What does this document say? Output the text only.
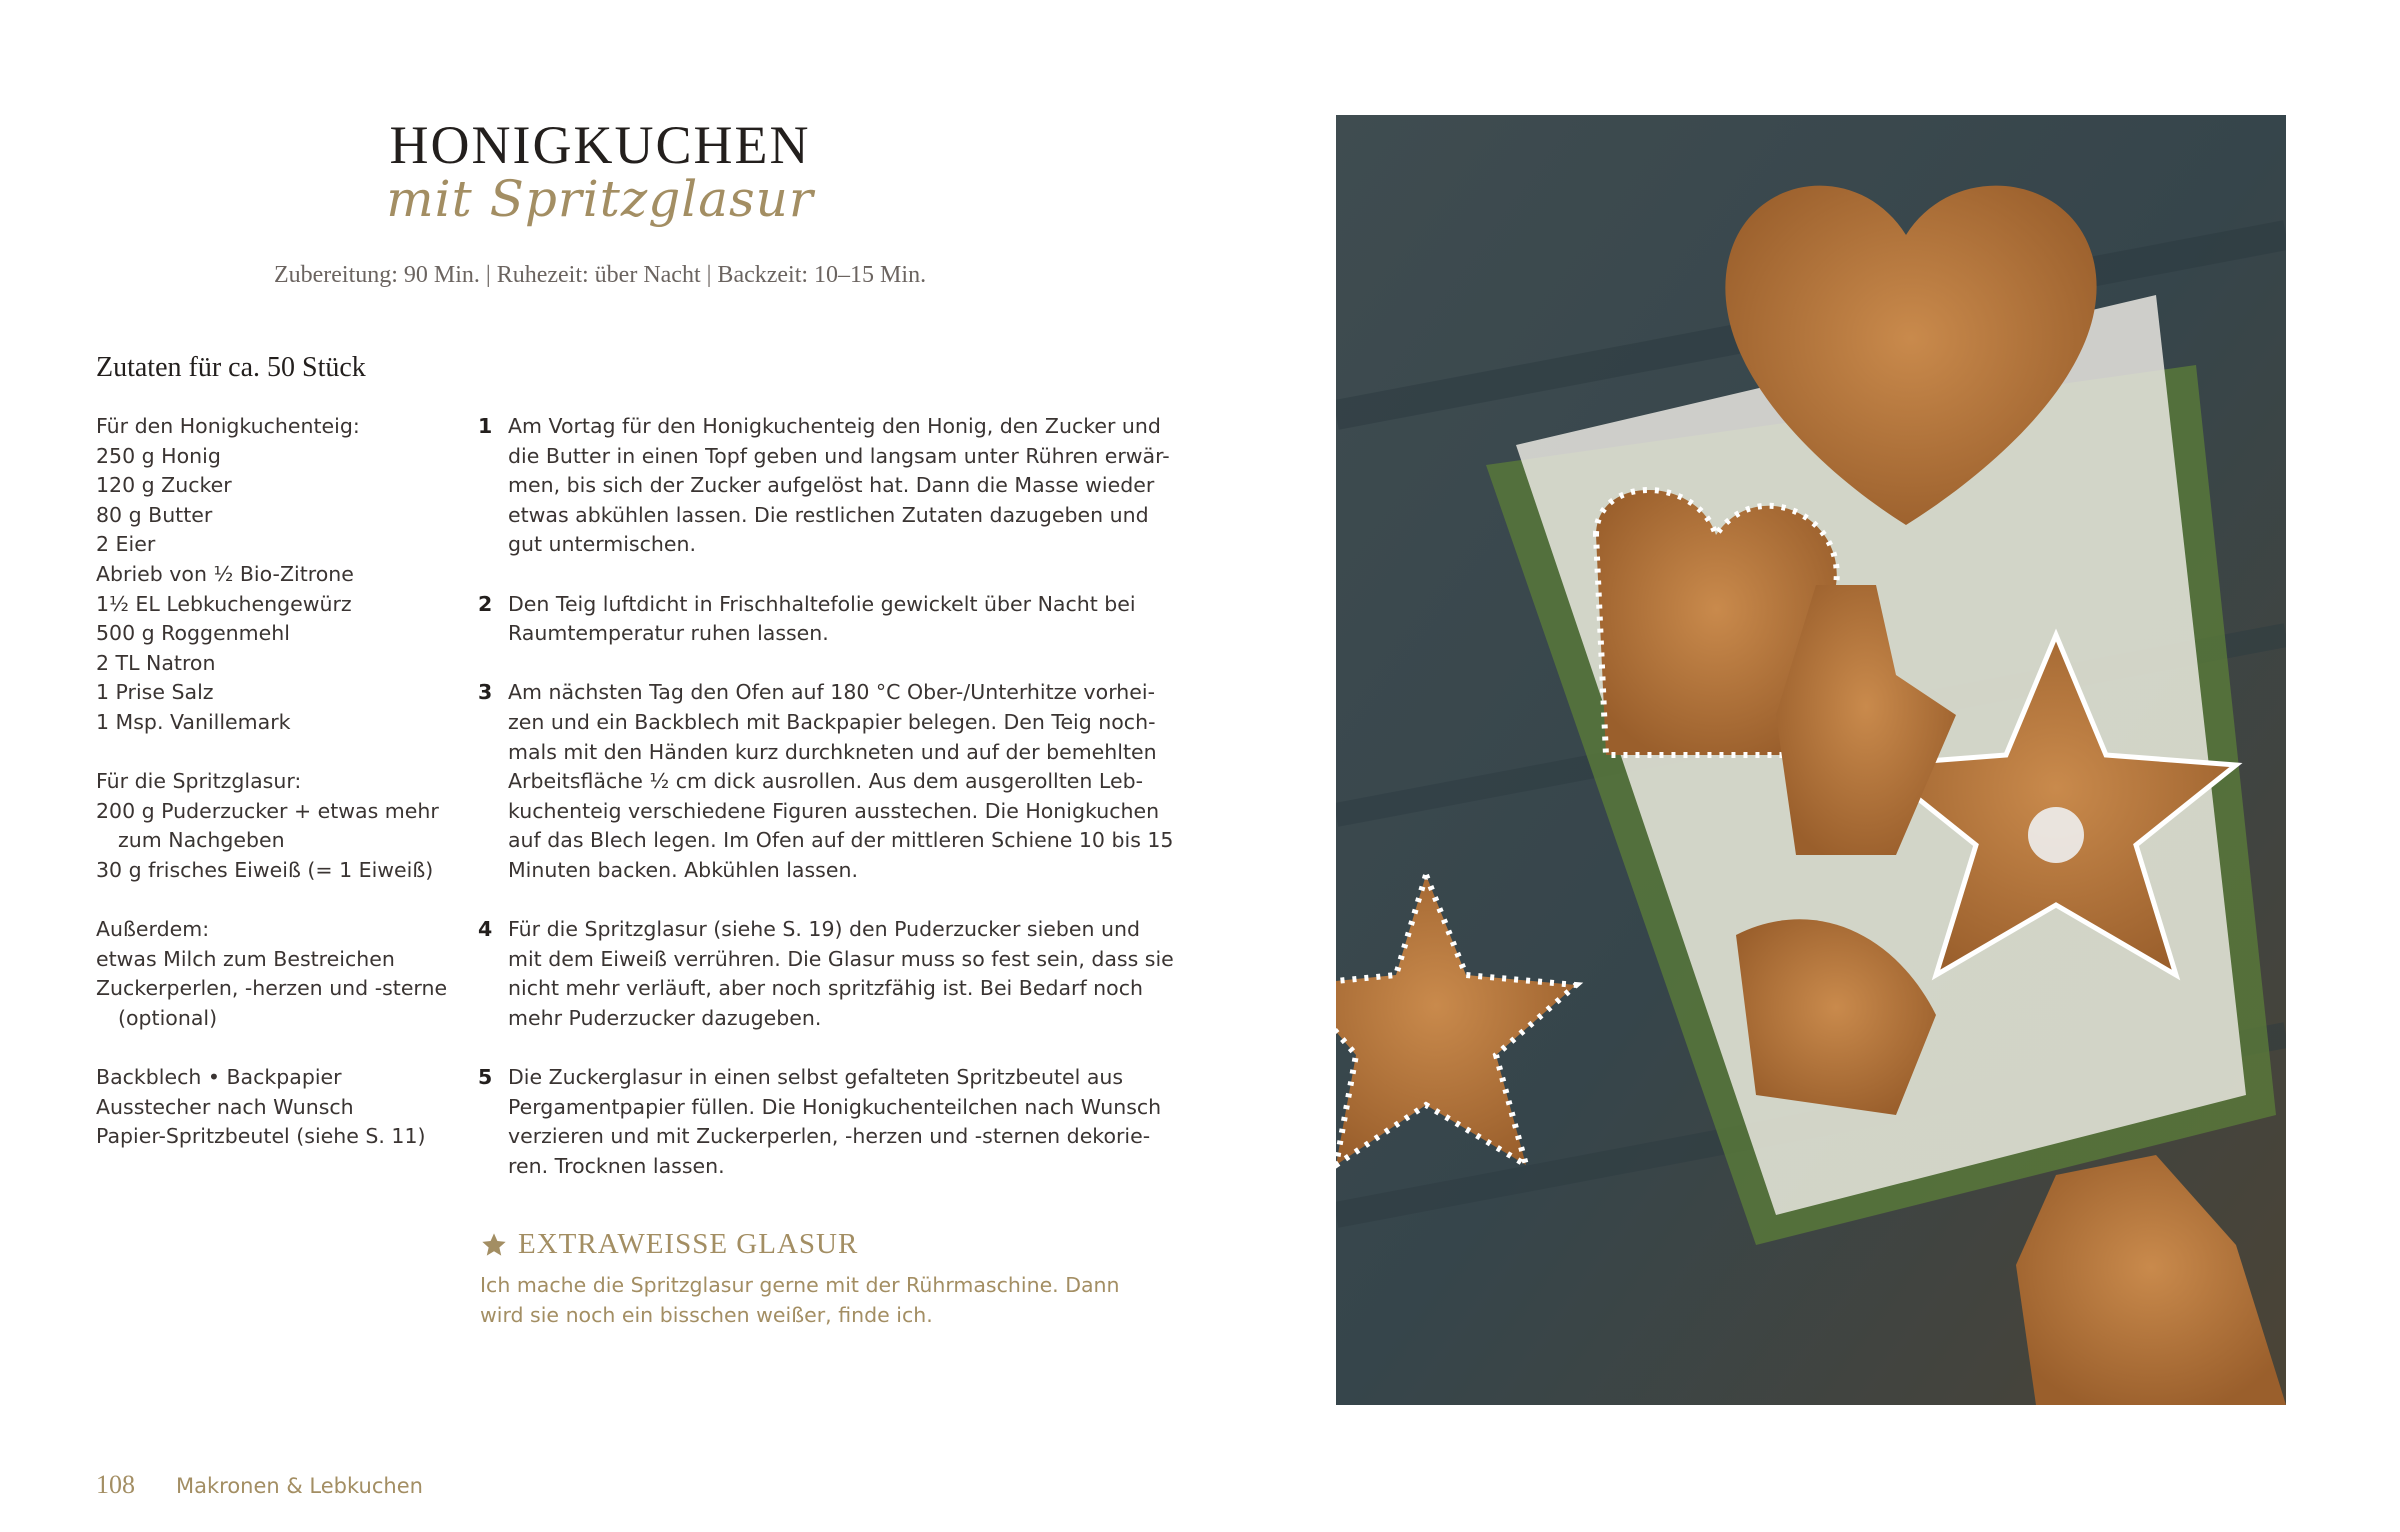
HONIGKUCHEN
mit Spritzglasur
Zubereitung: 90 Min. | Ruhezeit: über Nacht | Backzeit: 10–15 Min.
Zutaten für ca. 50 Stück
Für den Honigkuchenteig:
250 g Honig
120 g Zucker
80 g Butter
2 Eier
Abrieb von ½ Bio-Zitrone
1½ EL Lebkuchengewürz
500 g Roggenmehl
2 TL Natron
1 Prise Salz
1 Msp. Vanillemark
Für die Spritzglasur:
200 g Puderzucker + etwas mehr
zum Nachgeben
30 g frisches Eiweiß (= 1 Eiweiß)
Außerdem:
etwas Milch zum Bestreichen
Zuckerperlen, -herzen und -sterne
(optional)
Backblech • Backpapier
Ausstecher nach Wunsch
Papier-Spritzbeutel (siehe S. 11)
1 Am Vortag für den Honigkuchenteig den Honig, den Zucker und
die Butter in einen Topf geben und langsam unter Rühren erwär-
men, bis sich der Zucker aufgelöst hat. Dann die Masse wieder
etwas abkühlen lassen. Die restlichen Zutaten dazugeben und
gut untermischen.
2 Den Teig luftdicht in Frischhaltefolie gewickelt über Nacht bei
Raumtemperatur ruhen lassen.
3 Am nächsten Tag den Ofen auf 180 °C Ober-/Unterhitze vorhei-
zen und ein Backblech mit Backpapier belegen. Den Teig noch-
mals mit den Händen kurz durchkneten und auf der bemehlten
Arbeitsfläche ½ cm dick ausrollen. Aus dem ausgerollten Leb-
kuchenteig verschiedene Figuren ausstechen. Die Honigkuchen
auf das Blech legen. Im Ofen auf der mittleren Schiene 10 bis 15
Minuten backen. Abkühlen lassen.
4 Für die Spritzglasur (siehe S. 19) den Puderzucker sieben und
mit dem Eiweiß verrühren. Die Glasur muss so fest sein, dass sie
nicht mehr verläuft, aber noch spritzfähig ist. Bei Bedarf noch
mehr Puderzucker dazugeben.
5 Die Zuckerglasur in einen selbst gefalteten Spritzbeutel aus
Pergamentpapier füllen. Die Honigkuchenteilchen nach Wunsch
verzieren und mit Zuckerperlen, -herzen und -sternen dekorie-
ren. Trocknen lassen.
EXTRAWEISSE GLASUR
Ich mache die Spritzglasur gerne mit der Rührmaschine. Dann
wird sie noch ein bisschen weißer, finde ich.
108 Makronen & Lebkuchen
